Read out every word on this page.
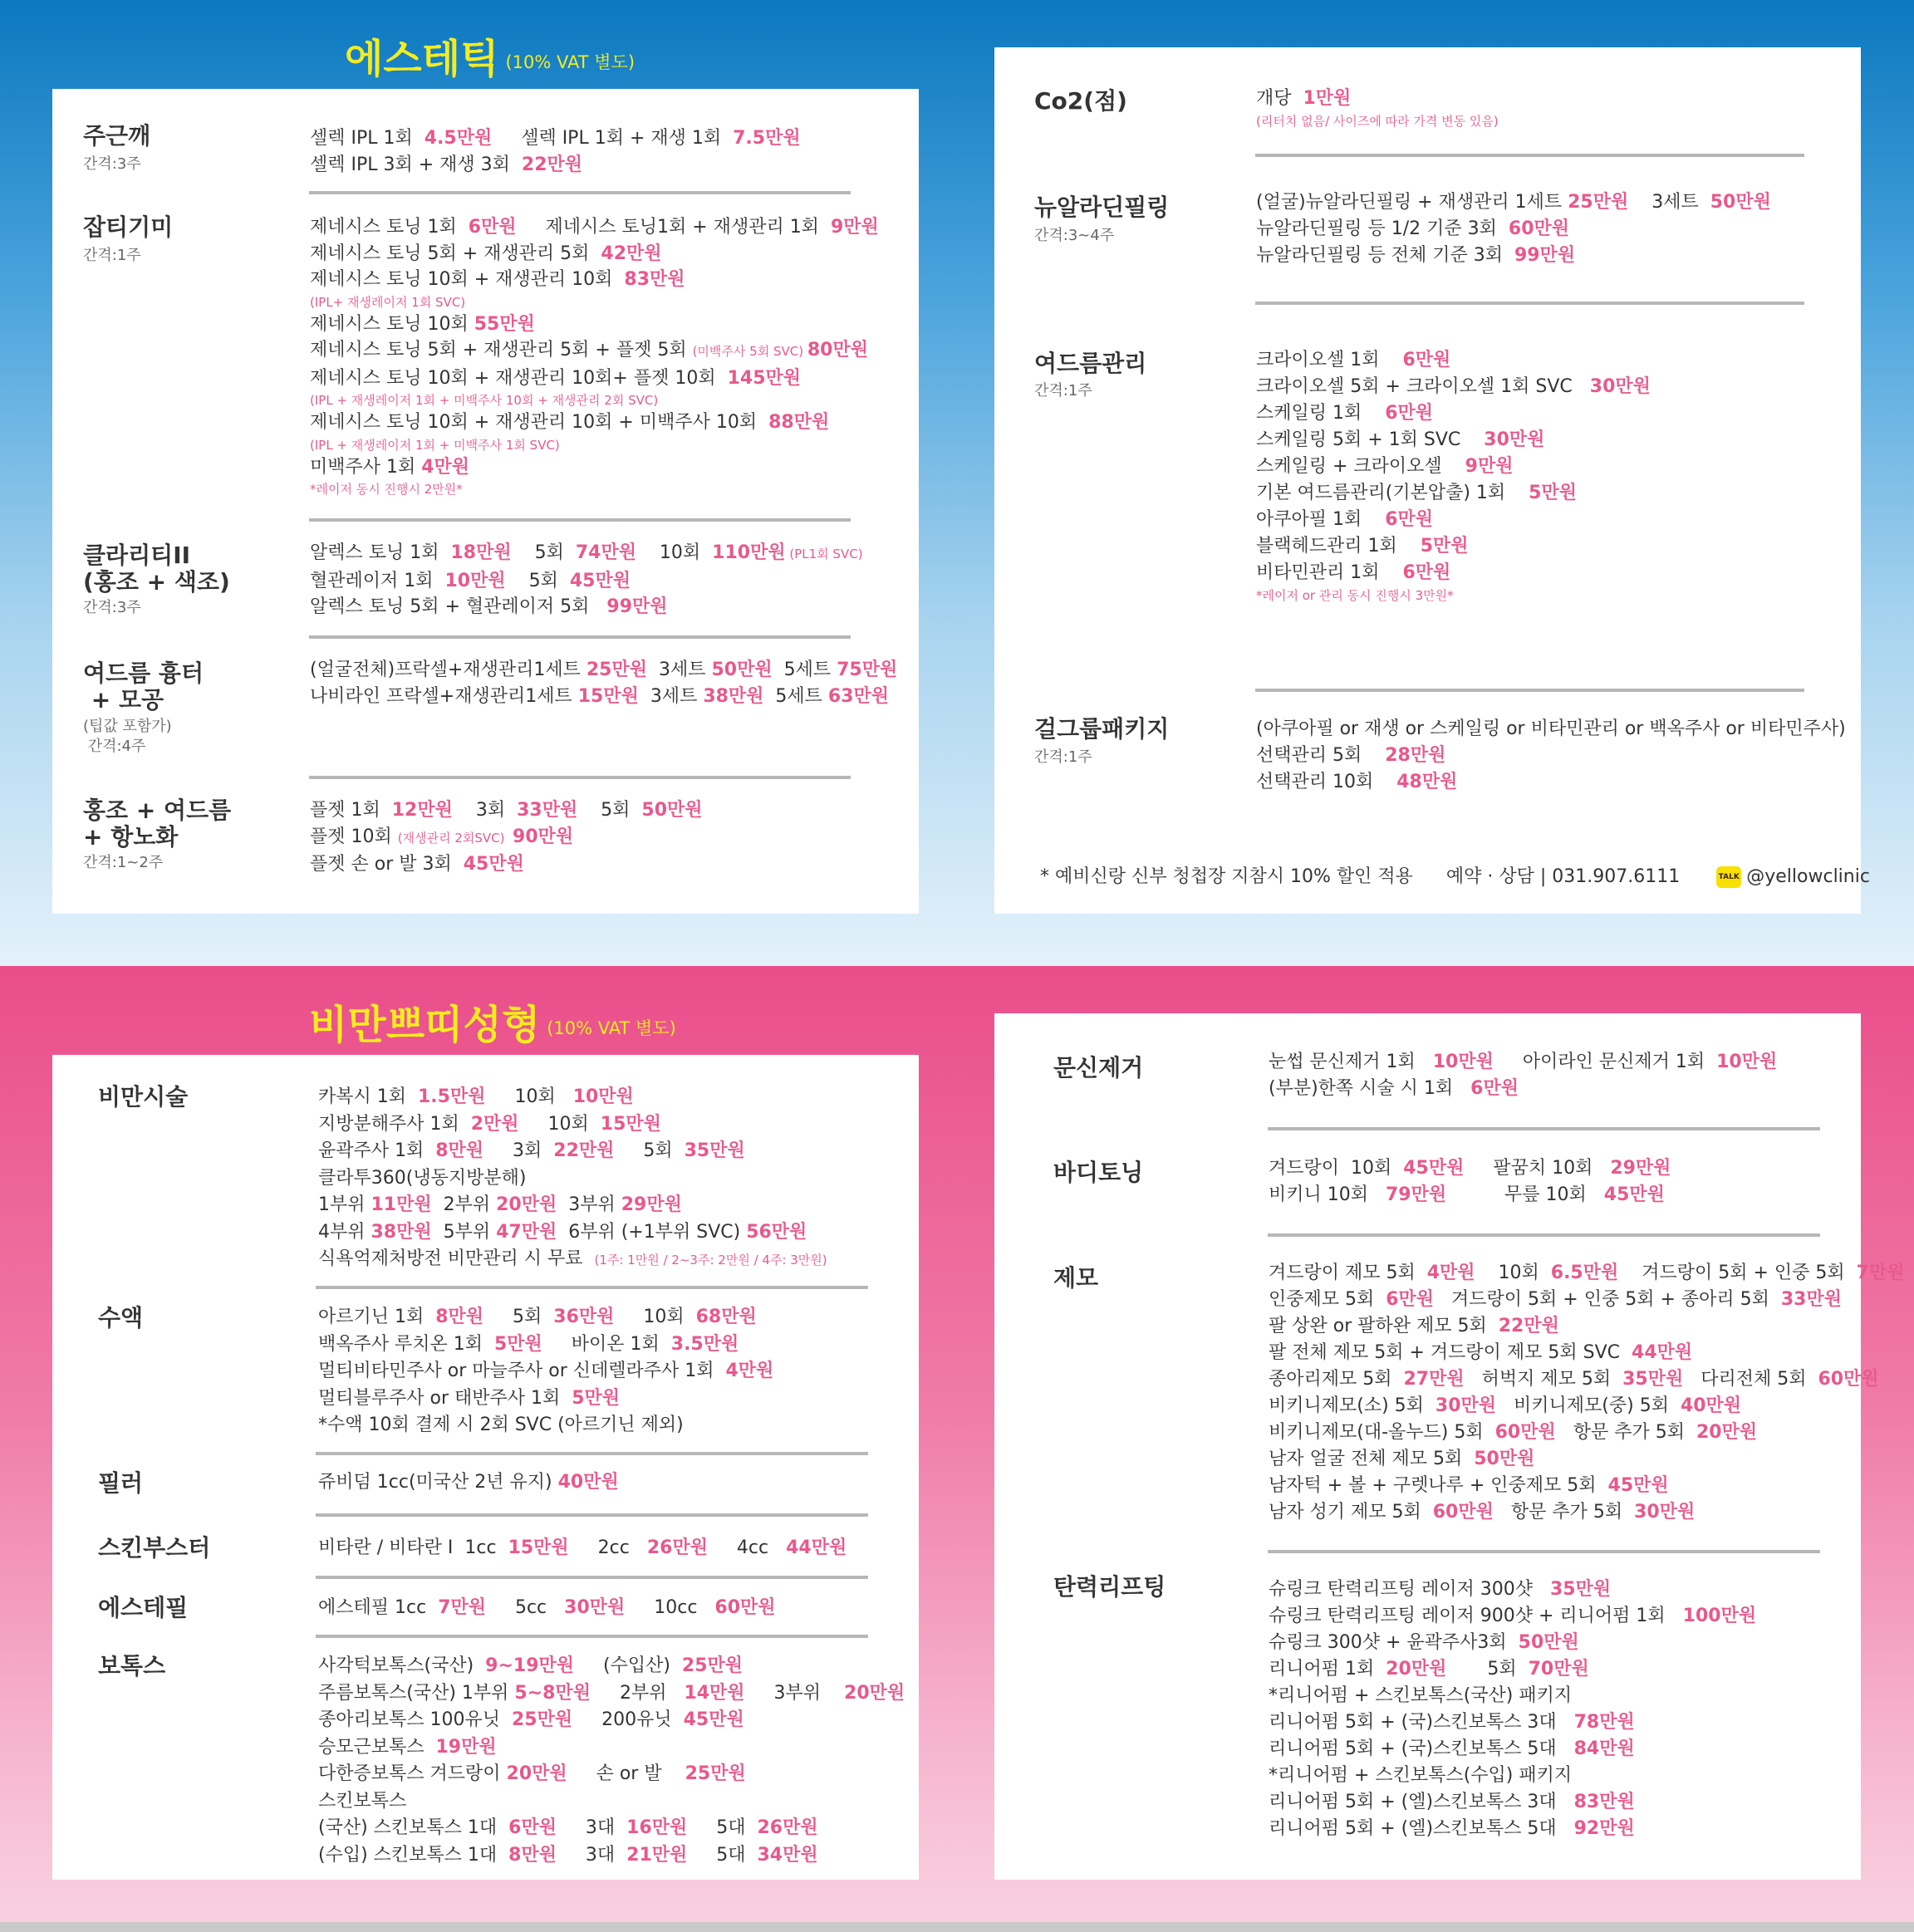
에스테틱 (10% VAT 별도)
비만쁘띠성형 (10% VAT 별도)
주근깨
간격:3주
셀렉 IPL 1회  4.5만원     셀렉 IPL 1회 + 재생 1회  7.5만원
셀렉 IPL 3회 + 재생 3회  22만원
잡티기미
간격:1주
제네시스 토닝 1회  6만원     제네시스 토닝1회 + 재생관리 1회  9만원
제네시스 토닝 5회 + 재생관리 5회  42만원
제네시스 토닝 10회 + 재생관리 10회  83만원
(IPL+ 재생레이저 1회 SVC)
제네시스 토닝 10회 55만원
제네시스 토닝 5회 + 재생관리 5회 + 플젯 5회 (미백주사 5회 SVC) 80만원
제네시스 토닝 10회 + 재생관리 10회+ 플젯 10회  145만원
(IPL + 재생레이저 1회 + 미백주사 10회 + 재생관리 2회 SVC)
제네시스 토닝 10회 + 재생관리 10회 + 미백주사 10회  88만원
(IPL + 재생레이저 1회 + 미백주사 1회 SVC)
미백주사 1회 4만원
*레이저 동시 진행시 2만원*
클라리티II
(홍조 + 색조)
간격:3주
알렉스 토닝 1회  18만원    5회  74만원    10회  110만원 (PL1회 SVC)
혈관레이저 1회  10만원    5회  45만원
알렉스 토닝 5회 + 혈관레이저 5회   99만원
여드름 흉터
+ 모공
(팁값 포함가)
간격:4주
(얼굴전체)프락셀+재생관리1세트 25만원  3세트 50만원  5세트 75만원
나비라인 프락셀+재생관리1세트 15만원  3세트 38만원  5세트 63만원
홍조 + 여드름
+ 항노화
간격:1~2주
플젯 1회  12만원    3회  33만원    5회  50만원
플젯 10회 (재생관리 2회SVC)  90만원
플젯 손 or 발 3회  45만원
Co2(점)	개당  1만원
(리터치 없음/ 사이즈에 따라 가격 변동 있음)
뉴알라딘필링
간격:3~4주
(얼굴)뉴알라딘필링 + 재생관리 1세트 25만원    3세트  50만원
뉴알라딘필링 등 1/2 기준 3회  60만원
뉴알라딘필링 등 전체 기준 3회  99만원
여드름관리
간격:1주
크라이오셀 1회    6만원
크라이오셀 5회 + 크라이오셀 1회 SVC   30만원
스케일링 1회    6만원
스케일링 5회 + 1회 SVC    30만원
스케일링 + 크라이오셀    9만원
기본 여드름관리(기본압출) 1회    5만원
아쿠아필 1회    6만원
블랙헤드관리 1회    5만원
비타민관리 1회    6만원
*레이저 or 관리 동시 진행시 3만원*
걸그룹패키지
간격:1주
(아쿠아필 or 재생 or 스케일링 or 비타민관리 or 백옥주사 or 비타민주사)
선택관리 5회    28만원
선택관리 10회    48만원
비만시술	카복시 1회  1.5만원     10회   10만원
지방분해주사 1회  2만원     10회  15만원
윤곽주사 1회  8만원     3회  22만원     5회  35만원
클라투360(냉동지방분해)
1부위 11만원  2부위 20만원  3부위 29만원
4부위 38만원  5부위 47만원  6부위 (+1부위 SVC) 56만원
식욕억제처방전 비만관리 시 무료  (1주: 1만원 / 2~3주: 2만원 / 4주: 3만원)
수액	아르기닌 1회  8만원     5회  36만원     10회  68만원
백옥주사 루치온 1회  5만원     바이온 1회  3.5만원
멀티비타민주사 or 마늘주사 or 신데렐라주사 1회  4만원
멀티블루주사 or 태반주사 1회  5만원
*수액 10회 결제 시 2회 SVC (아르기닌 제외)
필러	쥬비덤 1cc(미국산 2년 유지) 40만원
스킨부스터	비타란 / 비타란 I  1cc  15만원     2cc   26만원     4cc   44만원
에스테필	에스테필 1cc  7만원     5cc   30만원     10cc   60만원
보톡스	사각턱보톡스(국산)  9~19만원     (수입산)  25만원
주름보톡스(국산) 1부위 5~8만원     2부위   14만원     3부위    20만원
종아리보톡스 100유닛  25만원     200유닛  45만원
승모근보톡스  19만원
다한증보톡스 겨드랑이 20만원     손 or 발    25만원
스킨보톡스
(국산) 스킨보톡스 1대  6만원     3대  16만원     5대  26만원
(수입) 스킨보톡스 1대  8만원     3대  21만원     5대  34만원
문신제거	눈썹 문신제거 1회   10만원     아이라인 문신제거 1회  10만원
(부분)한쪽 시술 시 1회   6만원
바디토닝	겨드랑이  10회  45만원     팔꿈치 10회   29만원
비키니 10회   79만원          무릎 10회   45만원
제모	겨드랑이 제모 5회  4만원    10회  6.5만원    겨드랑이 5회 + 인중 5회  7만원
인중제모 5회  6만원   겨드랑이 5회 + 인중 5회 + 종아리 5회  33만원
팔 상완 or 팔하완 제모 5회  22만원
팔 전체 제모 5회 + 겨드랑이 제모 5회 SVC  44만원
종아리제모 5회  27만원   허벅지 제모 5회  35만원   다리전체 5회  60만원
비키니제모(소) 5회  30만원   비키니제모(중) 5회  40만원
비키니제모(대-올누드) 5회  60만원   항문 추가 5회  20만원
남자 얼굴 전체 제모 5회  50만원
남자턱 + 볼 + 구렛나루 + 인중제모 5회  45만원
남자 성기 제모 5회  60만원   항문 추가 5회  30만원
탄력리프팅	슈링크 탄력리프팅 레이저 300샷   35만원
슈링크 탄력리프팅 레이저 900샷 + 리니어펌 1회   100만원
슈링크 300샷 + 윤곽주사3회  50만원
리니어펌 1회  20만원       5회  70만원
*리니어펌 + 스킨보톡스(국산) 패키지
리니어펌 5회 + (국)스킨보톡스 3대   78만원
리니어펌 5회 + (국)스킨보톡스 5대   84만원
*리니어펌 + 스킨보톡스(수입) 패키지
리니어펌 5회 + (엘)스킨보톡스 3대   83만원
리니어펌 5회 + (엘)스킨보톡스 5대   92만원
* 예비신랑 신부 청첩장 지참시 10% 할인 적용 예약 · 상담 | 031.907.6111	TALK @yellowclinic
